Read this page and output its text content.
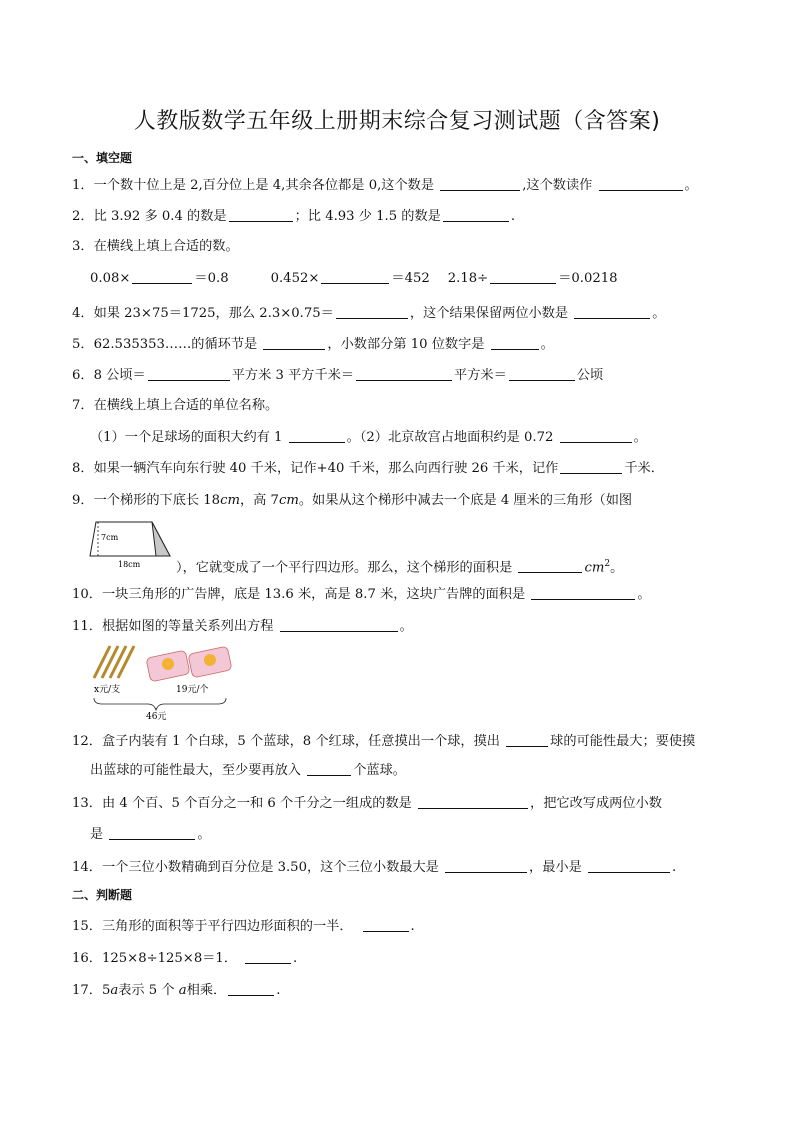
人教版数学五年级上册期末综合复习测试题（含答案)
一、填空题
1．一个数十位上是 2,百分位上是 4,其余各位都是 0,这个数是	,这个数读作	。
2．比 3.92 多 0.4 的数是	；比 4.93 少 1.5 的数是	.
3．在横线上填上合适的数。
0.08×	＝0.8	0.452×	＝452 2.18÷	＝0.0218
4．如果 23×75＝1725，那么 2.3×0.75＝	，这个结果保留两位小数是	。
5．62.535353……的循环节是	，小数部分第 10 位数字是	。
6．8 公顷＝	平方米 3 平方千米＝	平方米＝	公顷
7．在横线上填上合适的单位名称。
（1）一个足球场的面积大约有 1	。（2）北京故宫占地面积约是 0.72	。
8．如果一辆汽车向东行驶 40 千米，记作+40 千米，那么向西行驶 26 千米，记作	千米．
9．一个梯形的下底长 18cm，高 7cm。如果从这个梯形中减去一个底是 4 厘米的三角形（如图
7cm
18cm	），它就变成了一个平行四边形。那么，这个梯形的面积是	$cm^2$。
10．一块三角形的广告牌，底是 13.6 米，高是 8.7 米，这块广告牌的面积是	。
11．根据如图的等量关系列出方程	。
x元/支	19元/个
46元
12．盒子内装有 1 个白球，5 个蓝球，8 个红球，任意摸出一个球，摸出	球的可能性最大；要使摸
出蓝球的可能性最大，至少要再放入	个蓝球。
13．由 4 个百、5 个百分之一和 6 个千分之一组成的数是	，把它改写成两位小数
是	。
14．一个三位小数精确到百分位是 3.50，这个三位小数最大是	，最小是	.
二、判断题
15．三角形的面积等于平行四边形面积的一半．	.
16．125×8÷125×8＝1．	.
17．5a表示 5 个 a相乘．	.
